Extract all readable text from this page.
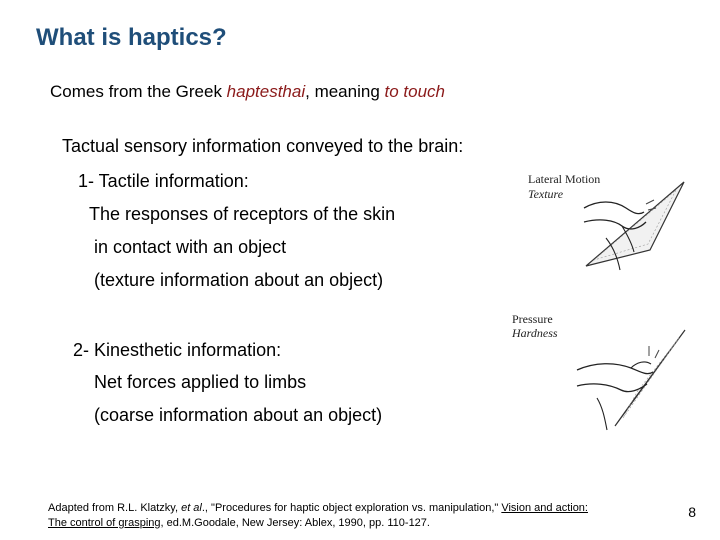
What is haptics?
Comes from the Greek haptesthai, meaning to touch
Tactual sensory information conveyed to the brain:
1- Tactile information:
The responses of receptors of the skin
in contact with an object
(texture information about an object)
2- Kinesthetic information:
Net forces applied to limbs
(coarse information about an object)
Lateral Motion
Texture
Pressure
Hardness
Adapted from R.L. Klatzky, et al., "Procedures for haptic object exploration vs. manipulation," Vision and action: The control of grasping, ed.M.Goodale, New Jersey: Ablex, 1990, pp. 110-127.
8
